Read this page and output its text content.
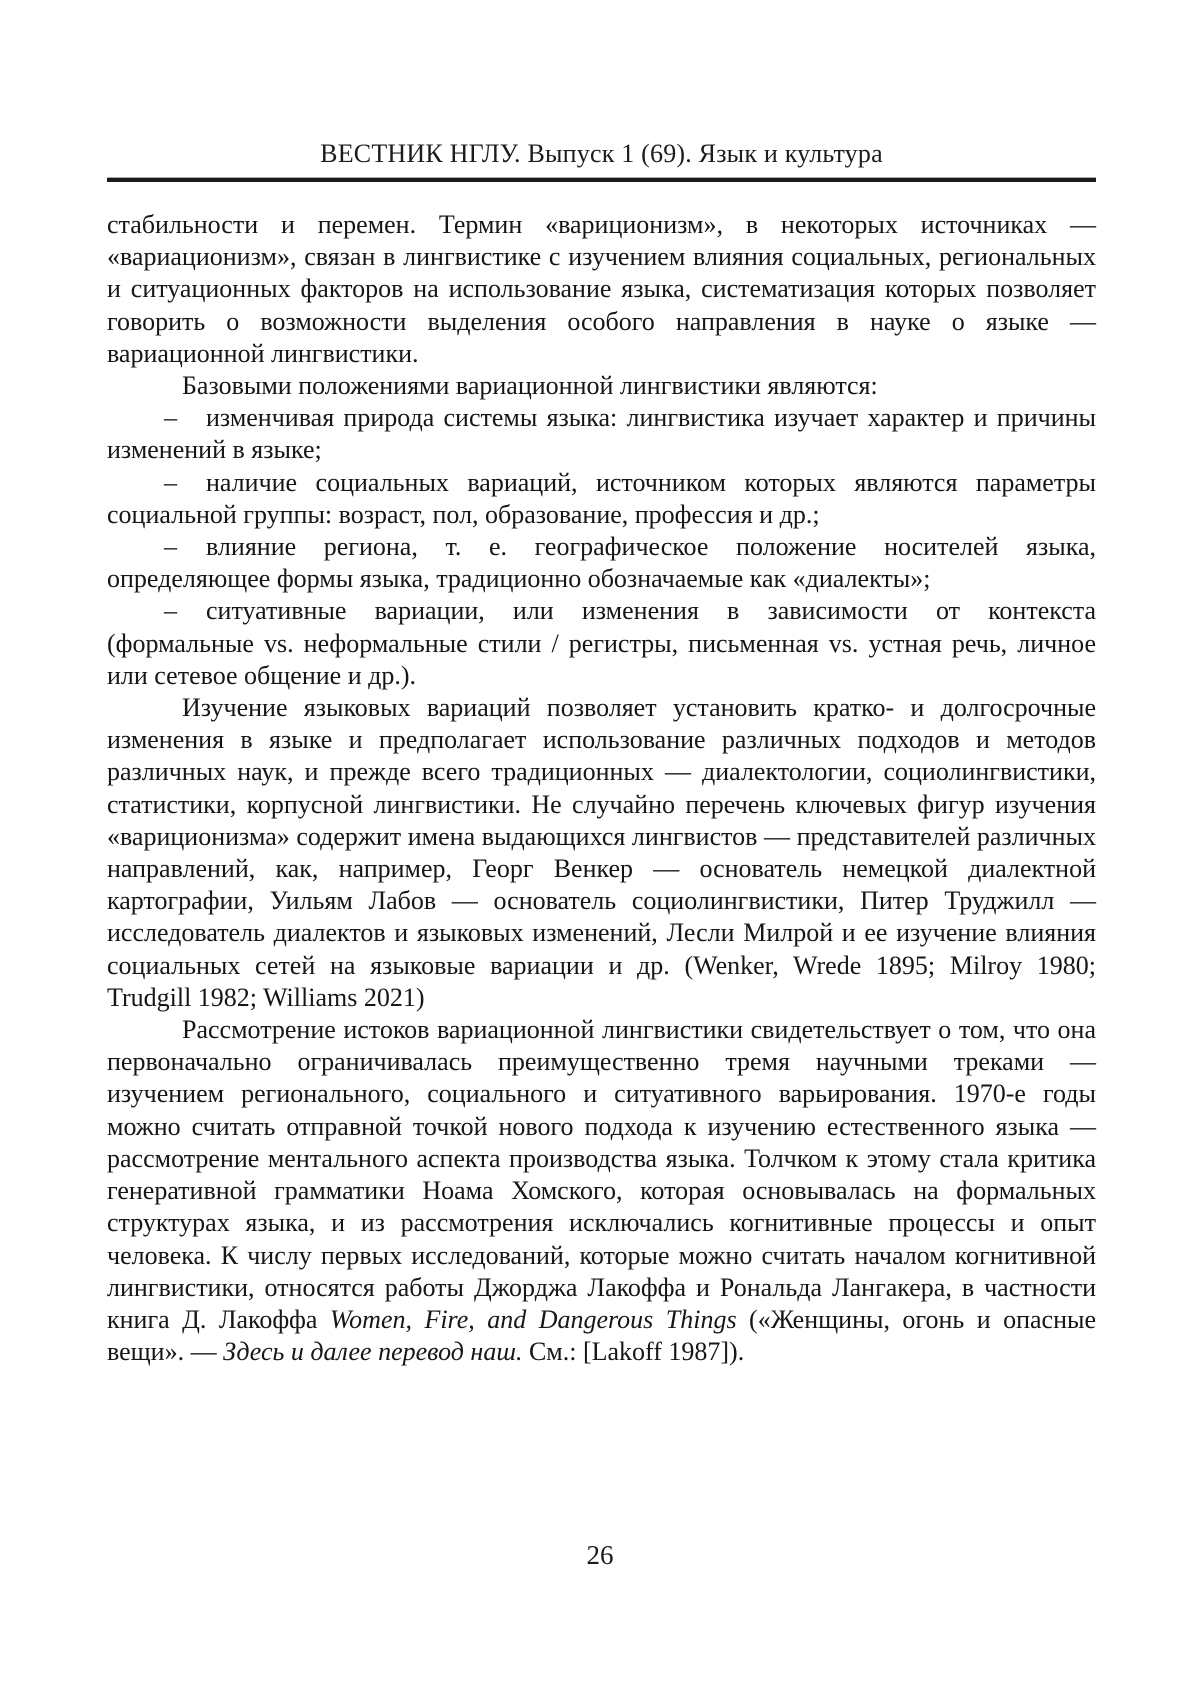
ВЕСТНИК НГЛУ. Выпуск 1 (69). Язык и культура

стабильности и перемен. Термин «вариционизм», в некоторых источниках — «вариационизм», связан в лингвистике с изучением влияния социальных, региональных и ситуационных факторов на использование языка, систематизация которых позволяет говорить о возможности выделения особого направления в науке о языке — вариационной лингвистики.

Базовыми положениями вариационной лингвистики являются:

– изменчивая природа системы языка: лингвистика изучает характер и причины изменений в языке;

– наличие социальных вариаций, источником которых являются параметры социальной группы: возраст, пол, образование, профессия и др.;

– влияние региона, т. е. географическое положение носителей языка, определяющее формы языка, традиционно обозначаемые как «диалекты»;

– ситуативные вариации, или изменения в зависимости от контекста (формальные vs. неформальные стили / регистры, письменная vs. устная речь, личное или сетевое общение и др.).

Изучение языковых вариаций позволяет установить кратко- и долгосрочные изменения в языке и предполагает использование различных подходов и методов различных наук, и прежде всего традиционных — диалектологии, социолингвистики, статистики, корпусной лингвистики. Не случайно перечень ключевых фигур изучения «вариционизма» содержит имена выдающихся лингвистов — представителей различных направлений, как, например, Георг Венкер — основатель немецкой диалектной картографии, Уильям Лабов — основатель социолингвистики, Питер Труджилл — исследователь диалектов и языковых изменений, Лесли Милрой и ее изучение влияния социальных сетей на языковые вариации и др. (Wenker, Wrede 1895; Milroy 1980; Trudgill 1982; Williams 2021)

Рассмотрение истоков вариационной лингвистики свидетельствует о том, что она первоначально ограничивалась преимущественно тремя научными треками — изучением регионального, социального и ситуативного варьирования. 1970-е годы можно считать отправной точкой нового подхода к изучению естественного языка — рассмотрение ментального аспекта производства языка. Толчком к этому стала критика генеративной грамматики Ноама Хомского, которая основывалась на формальных структурах языка, и из рассмотрения исключались когнитивные процессы и опыт человека. К числу первых исследований, которые можно считать началом когнитивной лингвистики, относятся работы Джорджа Лакоффа и Рональда Лангакера, в частности книга Д. Лакоффа Women, Fire, and Dangerous Things («Женщины, огонь и опасные вещи». — Здесь и далее перевод наш. См.: [Lakoff 1987]).

26
